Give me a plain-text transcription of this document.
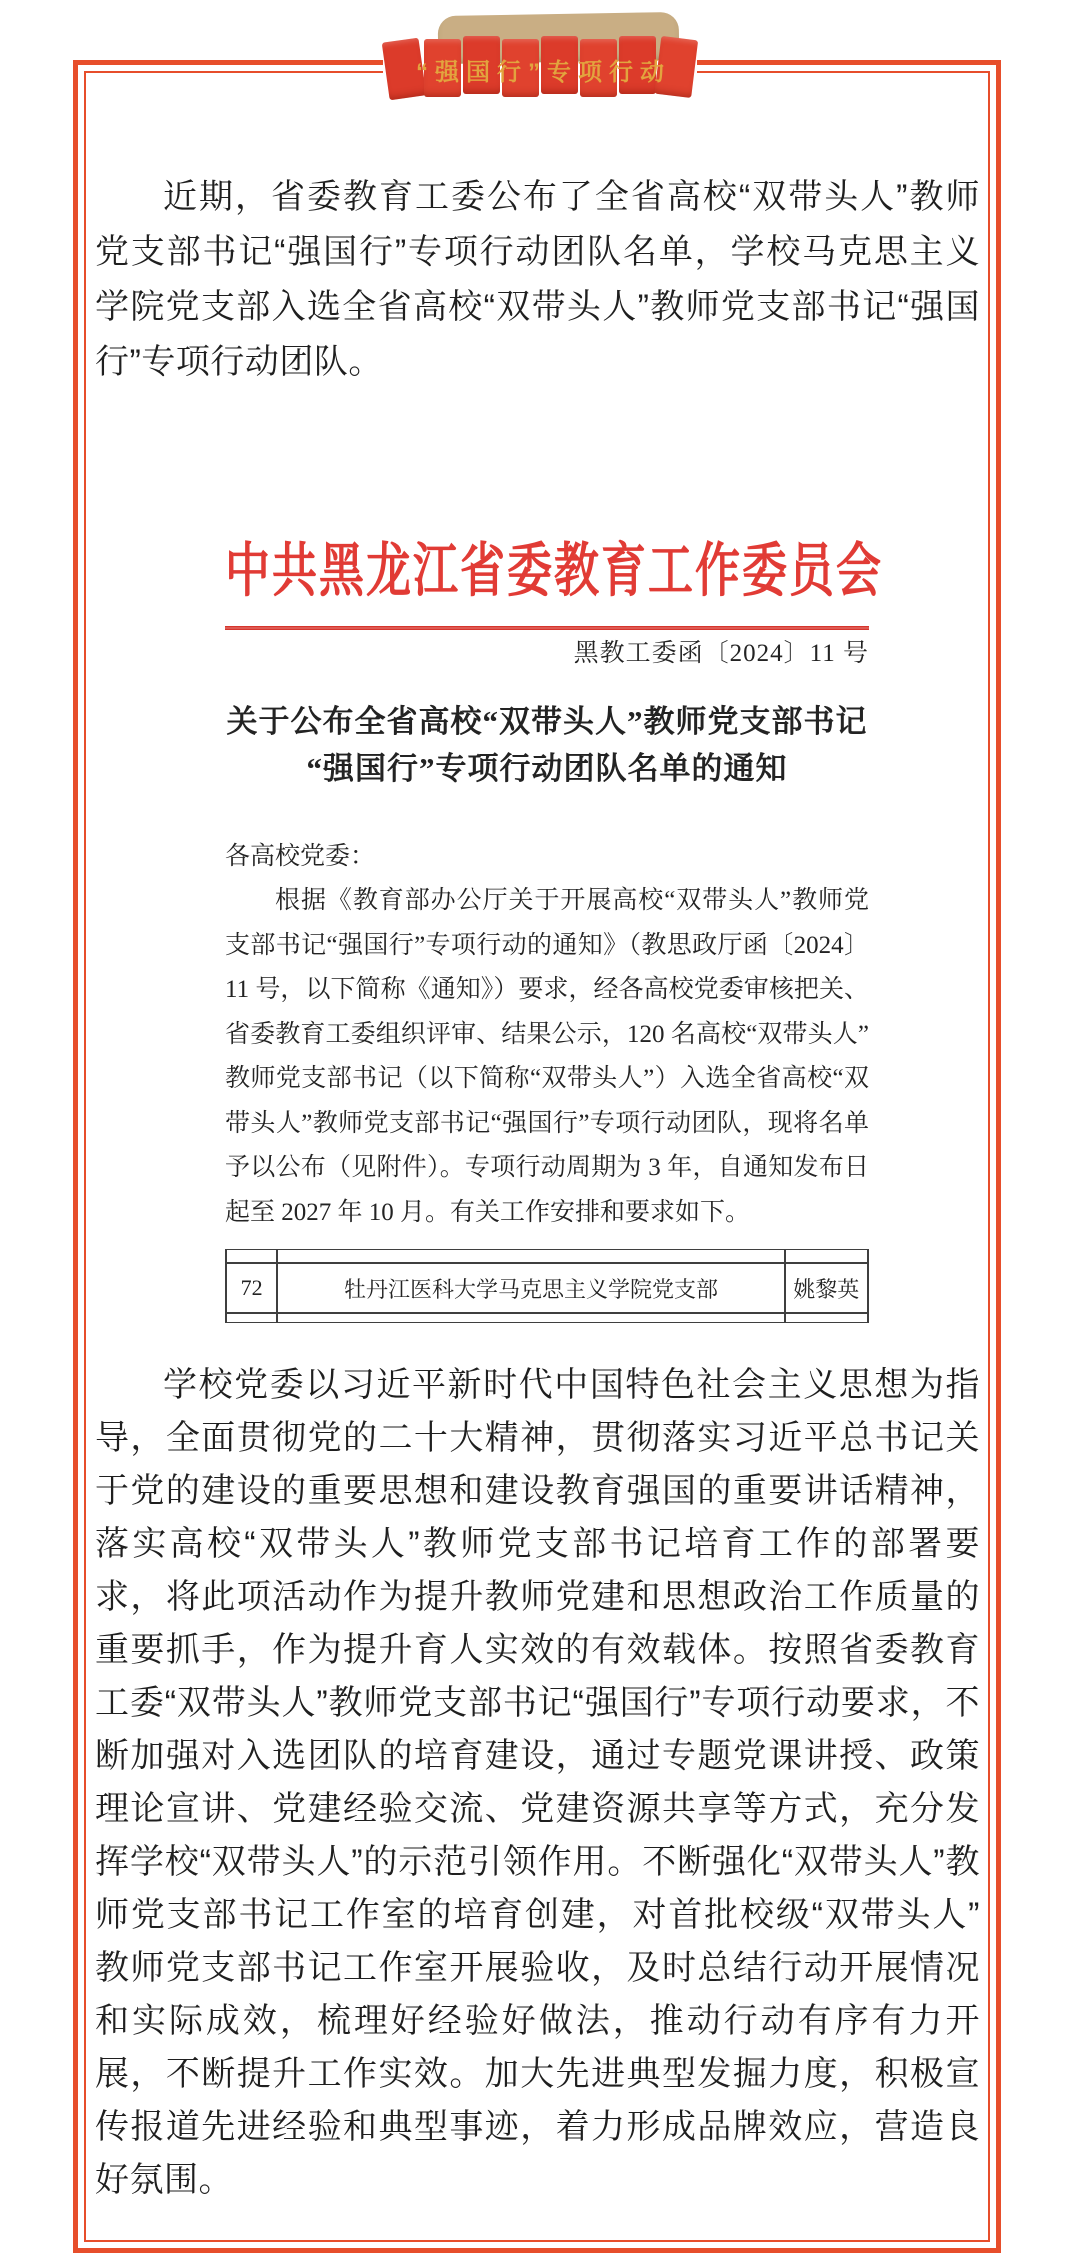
“强国行”专项行动

近期，省委教育工委公布了全省高校“双带头人”教师党支部书记“强国行”专项行动团队名单，学校马克思主义学院党支部入选全省高校“双带头人”教师党支部书记“强国行”专项行动团队。

中共黑龙江省委教育工作委员会
黑教工委函〔2024〕11 号
关于公布全省高校“双带头人”教师党支部书记
“强国行”专项行动团队名单的通知
各高校党委：
根据《教育部办公厅关于开展高校“双带头人”教师党支部书记“强国行”专项行动的通知》（教思政厅函〔2024〕11 号，以下简称《通知》）要求，经各高校党委审核把关、省委教育工委组织评审、结果公示，120 名高校“双带头人”教师党支部书记（以下简称“双带头人”）入选全省高校“双带头人”教师党支部书记“强国行”专项行动团队，现将名单予以公布（见附件）。专项行动周期为 3 年，自通知发布日起至 2027 年 10 月。有关工作安排和要求如下。
72	牡丹江医科大学马克思主义学院党支部	姚黎英

学校党委以习近平新时代中国特色社会主义思想为指导，全面贯彻党的二十大精神，贯彻落实习近平总书记关于党的建设的重要思想和建设教育强国的重要讲话精神，落实高校“双带头人”教师党支部书记培育工作的部署要求，将此项活动作为提升教师党建和思想政治工作质量的重要抓手，作为提升育人实效的有效载体。按照省委教育工委“双带头人”教师党支部书记“强国行”专项行动要求，不断加强对入选团队的培育建设，通过专题党课讲授、政策理论宣讲、党建经验交流、党建资源共享等方式，充分发挥学校“双带头人”的示范引领作用。不断强化“双带头人”教师党支部书记工作室的培育创建，对首批校级“双带头人”教师党支部书记工作室开展验收，及时总结行动开展情况和实际成效，梳理好经验好做法，推动行动有序有力开展，不断提升工作实效。加大先进典型发掘力度，积极宣传报道先进经验和典型事迹，着力形成品牌效应，营造良好氛围。
